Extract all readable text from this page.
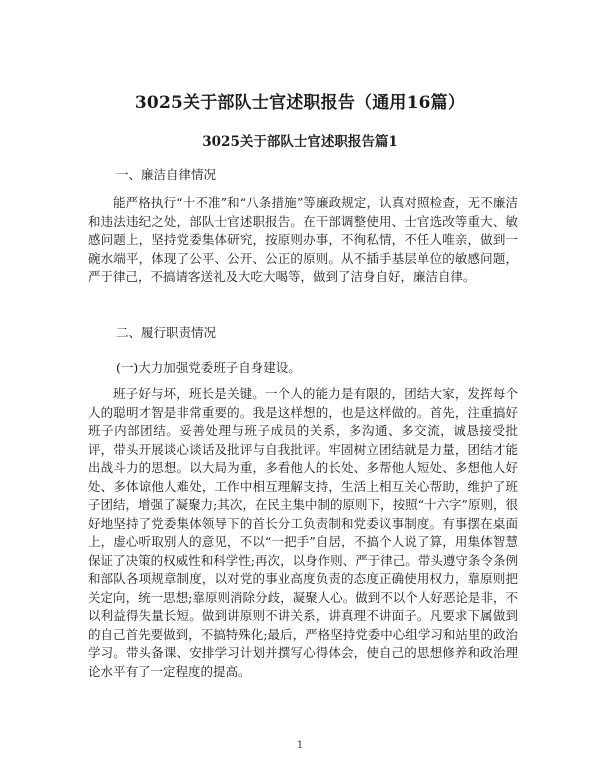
3025关于部队士官述职报告（通用16篇）
3025关于部队士官述职报告篇1
一、廉洁自律情况
能严格执行“十不准”和“八条措施”等廉政规定，认真对照检查，无不廉洁和违法违纪之处，部队士官述职报告。在干部调整使用、士官选改等重大、敏感问题上，坚持党委集体研究，按原则办事，不徇私情，不任人唯亲，做到一碗水端平，体现了公平、公开、公正的原则。从不插手基层单位的敏感问题，严于律己，不搞请客送礼及大吃大喝等，做到了洁身自好，廉洁自律。
二、履行职责情况
(一)大力加强党委班子自身建设。
班子好与坏，班长是关键。一个人的能力是有限的，团结大家，发挥每个人的聪明才智是非常重要的。我是这样想的，也是这样做的。首先，注重搞好班子内部团结。妥善处理与班子成员的关系，多沟通、多交流，诚恳接受批评，带头开展谈心谈话及批评与自我批评。牢固树立团结就是力量，团结才能出战斗力的思想。以大局为重，多看他人的长处、多帮他人短处、多想他人好处、多体谅他人难处，工作中相互理解支持，生活上相互关心帮助，维护了班子团结，增强了凝聚力;其次，在民主集中制的原则下，按照“十六字”原则，很好地坚持了党委集体领导下的首长分工负责制和党委议事制度。有事摆在桌面上，虚心听取别人的意见，不以“一把手”自居，不搞个人说了算，用集体智慧保证了决策的权威性和科学性;再次，以身作则、严于律己。带头遵守条令条例和部队各项规章制度，以对党的事业高度负责的态度正确使用权力，靠原则把关定向，统一思想;靠原则消除分歧，凝聚人心。做到不以个人好恶论是非，不以利益得失量长短。做到讲原则不讲关系，讲真理不讲面子。凡要求下属做到的自己首先要做到，不搞特殊化;最后，严格坚持党委中心组学习和站里的政治学习。带头备课、安排学习计划并撰写心得体会，使自己的思想修养和政治理论水平有了一定程度的提高。
1
